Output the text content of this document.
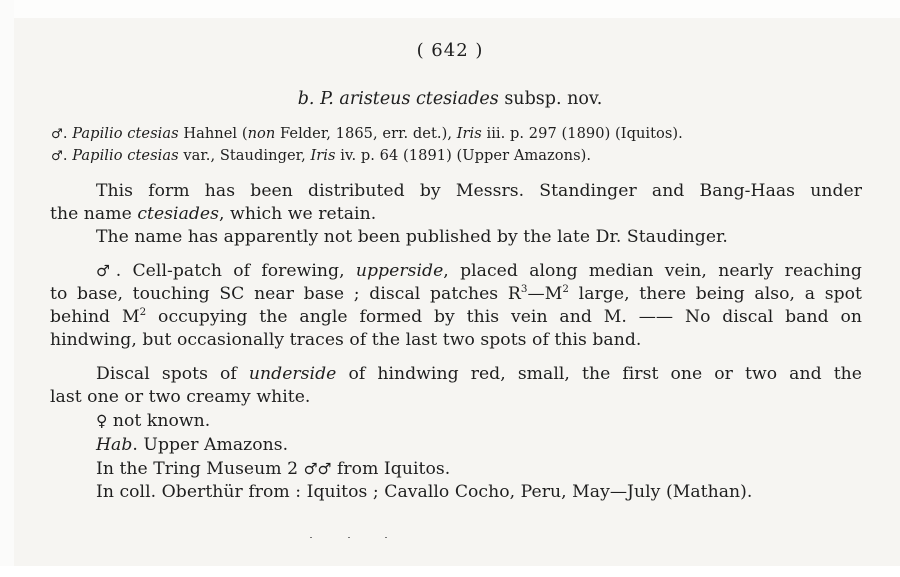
( 642 )
b. P. aristeus ctesiades subsp. nov.
♂. Papilio ctesias Hahnel (non Felder, 1865, err. det.), Iris iii. p. 297 (1890) (Iquitos).
♂. Papilio ctesias var., Staudinger, Iris iv. p. 64 (1891) (Upper Amazons).
This form has been distributed by Messrs. Standinger and Bang-Haas under
the name ctesiades, which we retain.
The name has apparently not been published by the late Dr. Staudinger.
♂. Cell-patch of forewing, upperside, placed along median vein, nearly reaching
to base, touching SC near base ; discal patches $R^3—M^2$ large, there being also, a spot
behind $M^2$ occupying the angle formed by this vein and M. —— No discal band on
hindwing, but occasionally traces of the last two spots of this band.
Discal spots of underside of hindwing red, small, the first one or two and the
last one or two creamy white.
♀ not known.
Hab. Upper Amazons.
In the Tring Museum 2 ♂♂ from Iquitos.
In coll. Oberthür from : Iquitos ; Cavallo Cocho, Peru, May—July (Mathan).
